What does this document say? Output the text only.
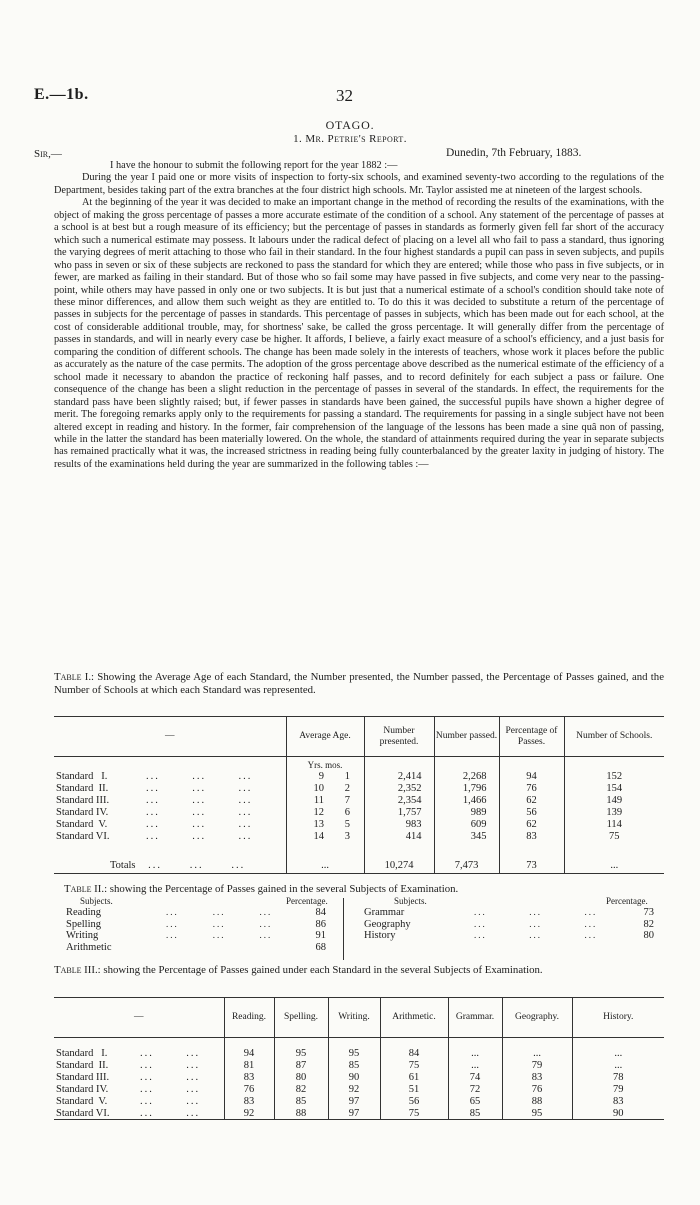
E.—1b.	32
OTAGO.
1. Mr. Petrie's Report.
Sir,—	Dunedin, 7th February, 1883.

I have the honour to submit the following report for the year 1882 :—

During the year I paid one or more visits of inspection to forty-six schools, and examined seventy-two according to the regulations of the Department, besides taking part of the extra branches at the four district high schools. Mr. Taylor assisted me at nineteen of the largest schools.

At the beginning of the year it was decided to make an important change in the method of recording the results of the examinations, with the object of making the gross percentage of passes a more accurate estimate of the condition of a school. Any statement of the percentage of passes at a school is at best but a rough measure of its efficiency; but the percentage of passes in standards as formerly given fell far short of the accuracy which such a numerical estimate may possess. It labours under the radical defect of placing on a level all who fail to pass a standard, thus ignoring the varying degrees of merit attaching to those who fail in their standard. In the four highest standards a pupil can pass in seven subjects, and pupils who pass in seven or six of these subjects are reckoned to pass the standard for which they are entered; while those who pass in five subjects, or in fewer, are marked as failing in their standard. But of those who so fail some may have passed in five subjects, and come very near to the passing-point, while others may have passed in only one or two subjects. It is but just that a numerical estimate of a school's condition should take note of these minor differences, and allow them such weight as they are entitled to. To do this it was decided to substitute a return of the percentage of passes in subjects for the percentage of passes in standards. This percentage of passes in subjects, which has been made out for each school, at the cost of considerable additional trouble, may, for shortness' sake, be called the gross percentage. It will generally differ from the percentage of passes in standards, and will in nearly every case be higher. It affords, I believe, a fairly exact measure of a school's efficiency, and a just basis for comparing the condition of different schools. The change has been made solely in the interests of teachers, whose work it places before the public as accurately as the nature of the case permits. The adoption of the gross percentage above described as the numerical estimate of the efficiency of a school made it necessary to abandon the practice of reckoning half passes, and to record definitely for each subject a pass or failure. One consequence of the change has been a slight reduction in the percentage of passes in several of the standards. In effect, the requirements for the standard pass have been slightly raised; but, if fewer passes in standards have been gained, the successful pupils have shown a higher degree of merit. The foregoing remarks apply only to the requirements for passing a standard. The requirements for passing in a single subject have not been altered except in reading and history. In the former, fair comprehension of the language of the lessons has been made a sine quâ non of passing, while in the latter the standard has been materially lowered. On the whole, the standard of attainments required during the year in separate subjects has remained practically what it was, the increased strictness in reading being fully counterbalanced by the greater laxity in judging of history. The results of the examinations held during the year are summarized in the following tables :—

Table I.: Showing the Average Age of each Standard, the Number presented, the Number passed, the Percentage of Passes gained, and the Number of Schools at which each Standard was represented.
—	Average Age.	Number presented.	Number passed.	Percentage of Passes.	Number of Schools.
	Yrs. mos.				
Standard   I. ...       ...       ...	9 1	2,414	2,268	94	152
Standard  II. ...       ...       ...	10 2	2,352	1,796	76	154
Standard III. ...       ...       ...	11 7	2,354	1,466	62	149
Standard IV. ...       ...       ...	12 6	1,757	989	56	139
Standard  V. ...       ...       ...	13 5	983	609	62	114
Standard VI. ...       ...       ...	14 3	414	345	83	75

Totals ...      ...      ...	...	10,274	7,473	73	...
Table II.: showing the Percentage of Passes gained in the several Subjects of Examination.
Subjects.	Percentage.	Subjects.	Percentage.
Reading	...        ...        ...	84
Spelling	...        ...        ...	86
Writing	...        ...        ...	91
Arithmetic	68
Grammar	...          ...          ...	73
Geography	...          ...          ...	82
History	...          ...          ...	80
Table III.: showing the Percentage of Passes gained under each Standard in the several Subjects of Examination.
—	Reading.	Spelling.	Writing.	Arithmetic.	Grammar.	Geography.	History.

Standard   I. ...       ...	94	95	95	84	...	...	...
Standard  II. ...       ...	81	87	85	75	...	79	...
Standard III. ...       ...	83	80	90	61	74	83	78
Standard IV. ...       ...	76	82	92	51	72	76	79
Standard  V. ...       ...	83	85	97	56	65	88	83
Standard VI. ...       ...	92	88	97	75	85	95	90
